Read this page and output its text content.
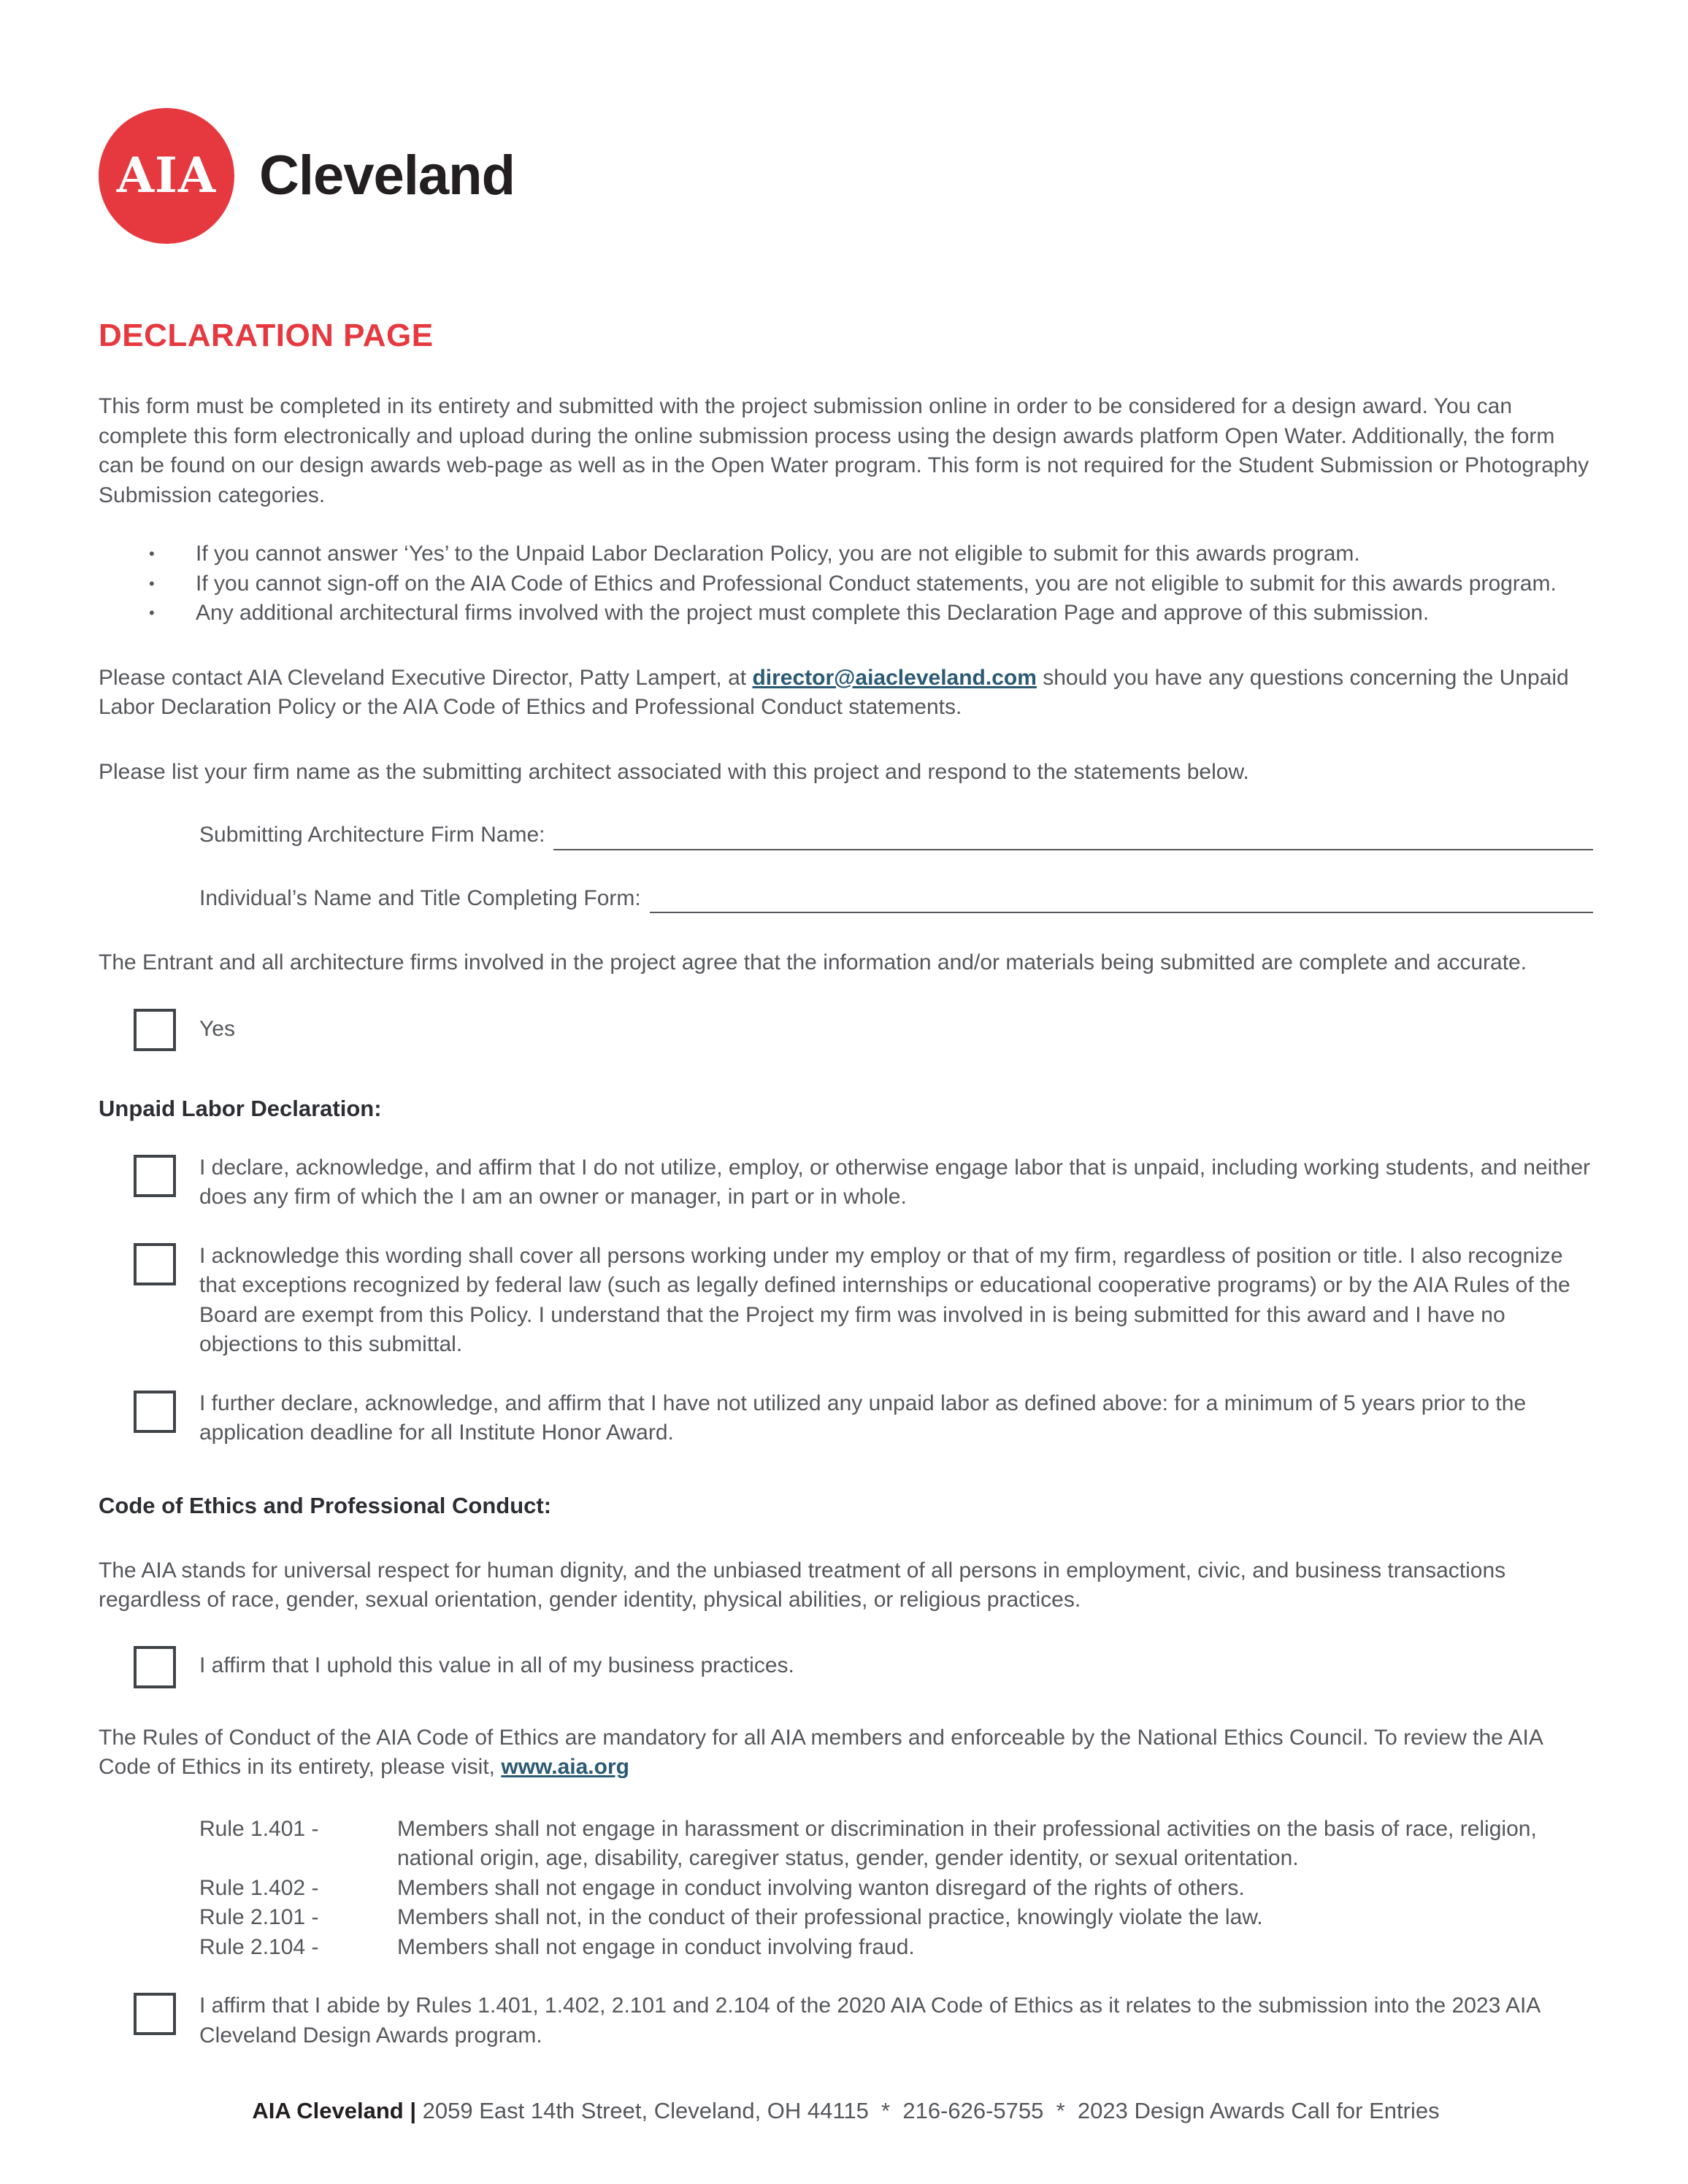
AIA Cleveland
DECLARATION PAGE

This form must be completed in its entirety and submitted with the project submission online in order to be considered for a design award. You can complete this form electronically and upload during the online submission process using the design awards platform Open Water. Additionally, the form can be found on our design awards web-page as well as in the Open Water program. This form is not required for the Student Submission or Photography Submission categories.

•	If you cannot answer ‘Yes’ to the Unpaid Labor Declaration Policy, you are not eligible to submit for this awards program.
•	If you cannot sign-off on the AIA Code of Ethics and Professional Conduct statements, you are not eligible to submit for this awards program.
•	Any additional architectural firms involved with the project must complete this Declaration Page and approve of this submission.

Please contact AIA Cleveland Executive Director, Patty Lampert, at director@aiacleveland.com should you have any questions concerning the Unpaid Labor Declaration Policy or the AIA Code of Ethics and Professional Conduct statements.

Please list your firm name as the submitting architect associated with this project and respond to the statements below.

Submitting Architecture Firm Name:
Individual’s Name and Title Completing Form:

The Entrant and all architecture firms involved in the project agree that the information and/or materials being submitted are complete and accurate.

Yes
Unpaid Labor Declaration:
I declare, acknowledge, and affirm that I do not utilize, employ, or otherwise engage labor that is unpaid, including working students, and neither does any firm of which the I am an owner or manager, in part or in whole.
I acknowledge this wording shall cover all persons working under my employ or that of my firm, regardless of position or title. I also recognize that exceptions recognized by federal law (such as legally defined internships or educational cooperative programs) or by the AIA Rules of the Board are exempt from this Policy. I understand that the Project my firm was involved in is being submitted for this award and I have no objections to this submittal.
I further declare, acknowledge, and affirm that I have not utilized any unpaid labor as defined above: for a minimum of 5 years prior to the application deadline for all Institute Honor Award.
Code of Ethics and Professional Conduct:

The AIA stands for universal respect for human dignity, and the unbiased treatment of all persons in employment, civic, and business transactions regardless of race, gender, sexual orientation, gender identity, physical abilities, or religious practices.

I affirm that I uphold this value in all of my business practices.

The Rules of Conduct of the AIA Code of Ethics are mandatory for all AIA members and enforceable by the National Ethics Council. To review the AIA Code of Ethics in its entirety, please visit, www.aia.org

Rule 1.401 -	Members shall not engage in harassment or discrimination in their professional activities on the basis of race, religion, national origin, age, disability, caregiver status, gender, gender identity, or sexual oritentation.
Rule 1.402 -	Members shall not engage in conduct involving wanton disregard of the rights of others.
Rule 2.101 -	Members shall not, in the conduct of their professional practice, knowingly violate the law.
Rule 2.104 -	Members shall not engage in conduct involving fraud.
I affirm that I abide by Rules 1.401, 1.402, 2.101 and 2.104 of the 2020 AIA Code of Ethics as it relates to the submission into the 2023 AIA Cleveland Design Awards program.

AIA Cleveland | 2059 East 14th Street, Cleveland, OH 44115  *  216-626-5755  *  2023 Design Awards Call for Entries
